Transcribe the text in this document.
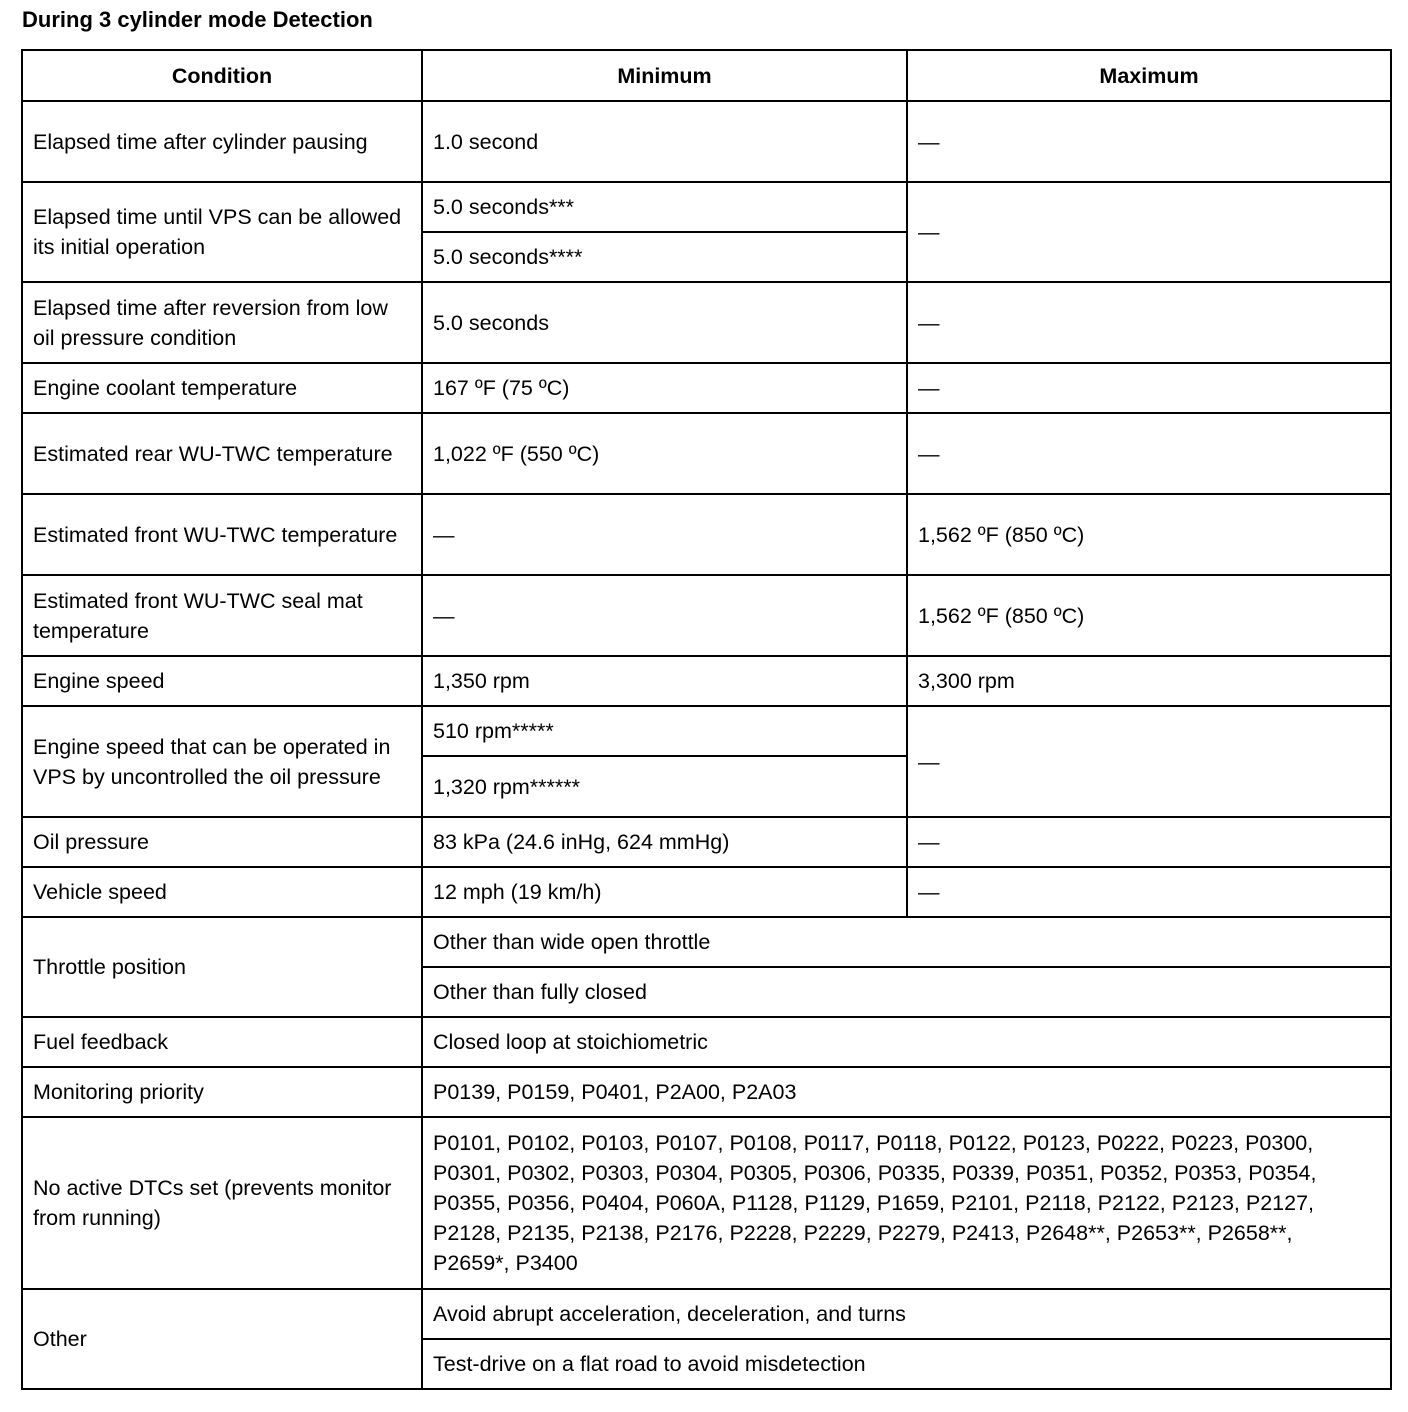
During 3 cylinder mode Detection
Condition	Minimum	Maximum
Elapsed time after cylinder pausing	1.0 second	—
Elapsed time until VPS can be allowed its initial operation	5.0 seconds***	—
	5.0 seconds****	
Elapsed time after reversion from low oil pressure condition	5.0 seconds	—
Engine coolant temperature	167 ºF (75 ºC)	—
Estimated rear WU-TWC temperature	1,022 ºF (550 ºC)	—
Estimated front WU-TWC temperature	—	1,562 ºF (850 ºC)
Estimated front WU-TWC seal mat temperature	—	1,562 ºF (850 ºC)
Engine speed	1,350 rpm	3,300 rpm
Engine speed that can be operated in VPS by uncontrolled the oil pressure	510 rpm*****	—
	1,320 rpm******	
Oil pressure	83 kPa (24.6 inHg, 624 mmHg)	—
Vehicle speed	12 mph (19 km/h)	—
Throttle position	Other than wide open throttle	
	Other than fully closed	
Fuel feedback	Closed loop at stoichiometric	
Monitoring priority	P0139, P0159, P0401, P2A00, P2A03	
No active DTCs set (prevents monitor from running)	P0101, P0102, P0103, P0107, P0108, P0117, P0118, P0122, P0123, P0222, P0223, P0300, P0301, P0302, P0303, P0304, P0305, P0306, P0335, P0339, P0351, P0352, P0353, P0354, P0355, P0356, P0404, P060A, P1128, P1129, P1659, P2101, P2118, P2122, P2123, P2127, P2128, P2135, P2138, P2176, P2228, P2229, P2279, P2413, P2648**, P2653**, P2658**, P2659*, P3400	
Other	Avoid abrupt acceleration, deceleration, and turns	
	Test-drive on a flat road to avoid misdetection	
